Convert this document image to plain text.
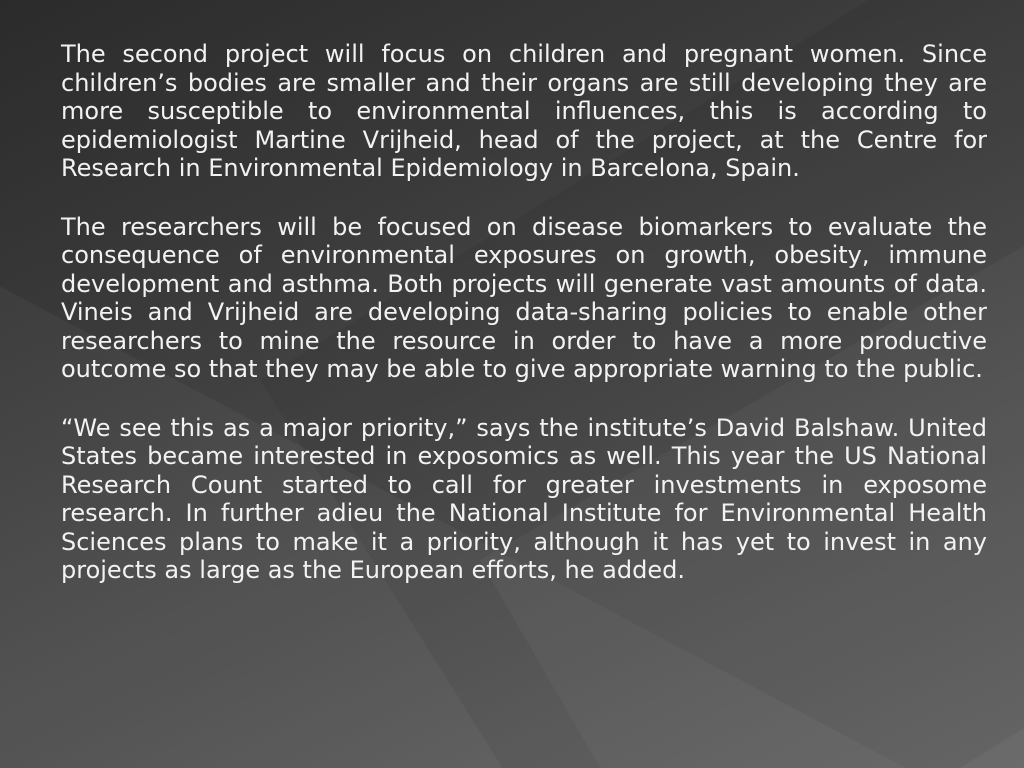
The second project will focus on children and pregnant women. Since children’s bodies are smaller and their organs are still developing they are more susceptible to environmental influences, this is according to epidemiologist Martine Vrijheid, head of the project, at the Centre for Research in Environmental Epidemiology in Barcelona, Spain.

The researchers will be focused on disease biomarkers to evaluate the consequence of environmental exposures on growth, obesity, immune development and asthma. Both projects will generate vast amounts of data. Vineis and Vrijheid are developing data-sharing policies to enable other researchers to mine the resource in order to have a more productive outcome so that they may be able to give appropriate warning to the public.

“We see this as a major priority,” says the institute’s David Balshaw. United States became interested in exposomics as well. This year the US National Research Count started to call for greater investments in exposome research. In further adieu the National Institute for Environmental Health Sciences plans to make it a priority, although it has yet to invest in any projects as large as the European efforts, he added.
